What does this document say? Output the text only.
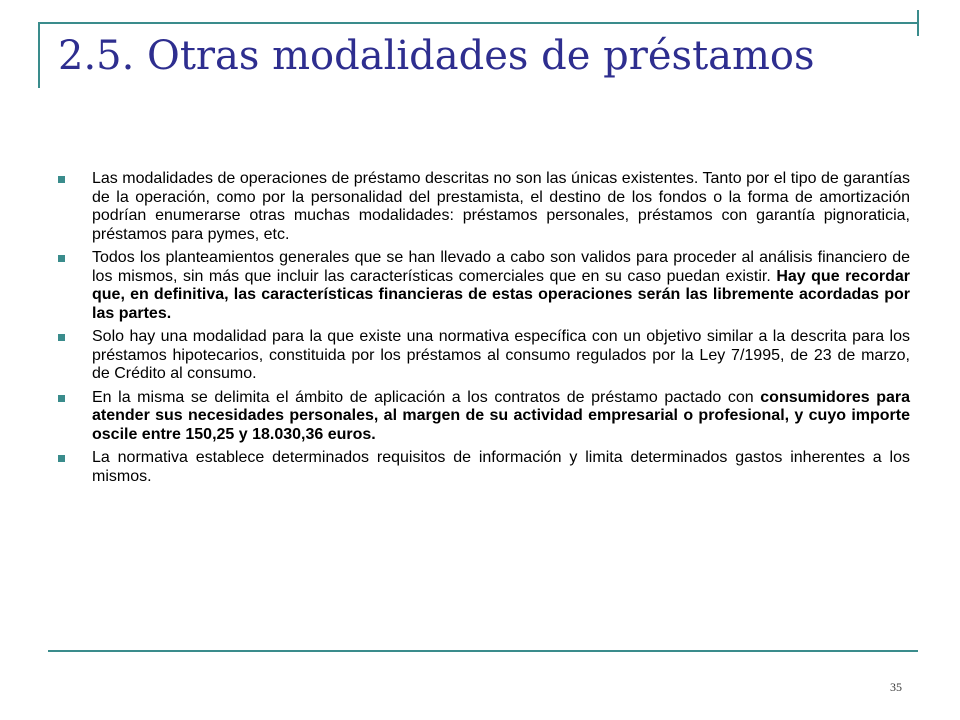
2.5. Otras modalidades de préstamos
Las modalidades de operaciones de préstamo descritas no son las únicas existentes. Tanto por el tipo de garantías de la operación, como por la personalidad del prestamista, el destino de los fondos o la forma de amortización podrían enumerarse otras muchas modalidades: préstamos personales, préstamos con garantía pignoraticia, préstamos para pymes, etc.
Todos los planteamientos generales que se han llevado a cabo son validos para proceder al análisis financiero de los mismos, sin más que incluir las características comerciales que en su caso puedan existir. Hay que recordar que, en definitiva, las características financieras de estas operaciones serán las libremente acordadas por las partes.
Solo hay una modalidad para la que existe una normativa específica con un objetivo similar a la descrita para los préstamos hipotecarios, constituida por los préstamos al consumo regulados por la Ley 7/1995, de 23 de marzo, de Crédito al consumo.
En la misma se delimita el ámbito de aplicación a los contratos de préstamo pactado con consumidores para atender sus necesidades personales, al margen de su actividad empresarial o profesional, y cuyo importe oscile entre 150,25 y 18.030,36 euros.
La normativa establece determinados requisitos de información y limita determinados gastos inherentes a los mismos.
35
